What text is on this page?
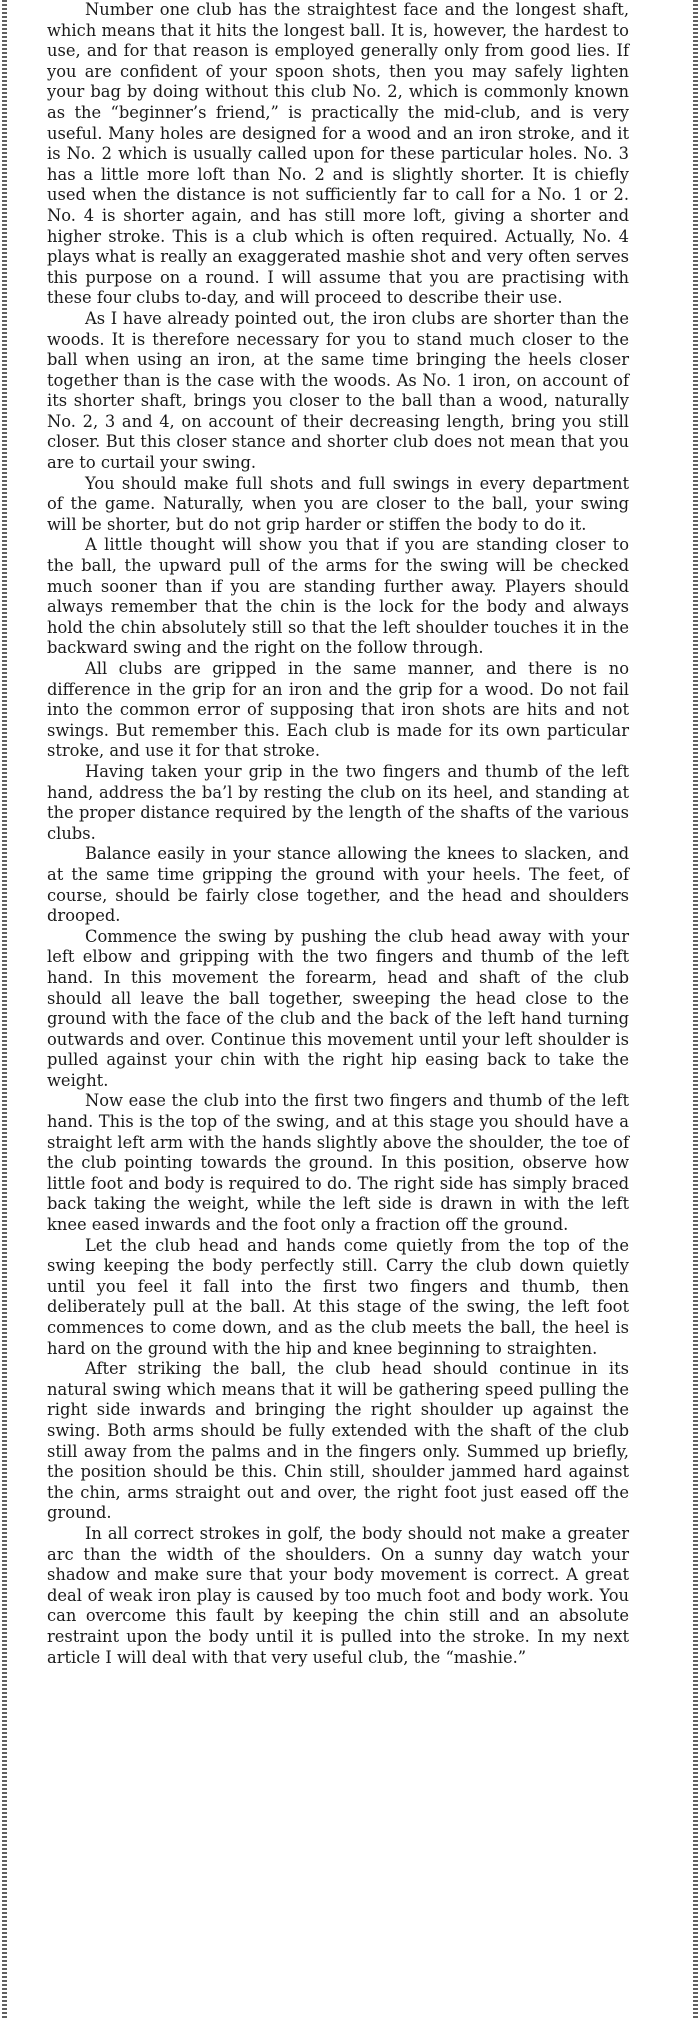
Number one club has the straightest face and the longest shaft, which means that it hits the longest ball. It is, however, the hardest to use, and for that reason is employed generally only from good lies. If you are confident of your spoon shots, then you may safely lighten your bag by doing without this club No. 2, which is commonly known as the “beginner’s friend,” is practically the mid-club, and is very useful. Many holes are designed for a wood and an iron stroke, and it is No. 2 which is usually called upon for these particular holes. No. 3 has a little more loft than No. 2 and is slightly shorter. It is chiefly used when the distance is not sufficiently far to call for a No. 1 or 2. No. 4 is shorter again, and has still more loft, giving a shorter and higher stroke. This is a club which is often required. Actually, No. 4 plays what is really an exaggerated mashie shot and very often serves this purpose on a round. I will assume that you are practising with these four clubs to-day, and will proceed to describe their use.

As I have already pointed out, the iron clubs are shorter than the woods. It is therefore necessary for you to stand much closer to the ball when using an iron, at the same time bringing the heels closer together than is the case with the woods. As No. 1 iron, on account of its shorter shaft, brings you closer to the ball than a wood, naturally No. 2, 3 and 4, on account of their decreasing length, bring you still closer. But this closer stance and shorter club does not mean that you are to curtail your swing.

You should make full shots and full swings in every department of the game. Naturally, when you are closer to the ball, your swing will be shorter, but do not grip harder or stiffen the body to do it.

A little thought will show you that if you are standing closer to the ball, the upward pull of the arms for the swing will be checked much sooner than if you are standing further away. Players should always remember that the chin is the lock for the body and always hold the chin absolutely still so that the left shoulder touches it in the backward swing and the right on the follow through.

All clubs are gripped in the same manner, and there is no difference in the grip for an iron and the grip for a wood. Do not fail into the common error of supposing that iron shots are hits and not swings. But remember this. Each club is made for its own particular stroke, and use it for that stroke.

Having taken your grip in the two fingers and thumb of the left hand, address the ba’l by resting the club on its heel, and standing at the proper distance required by the length of the shafts of the various clubs.

Balance easily in your stance allowing the knees to slacken, and at the same time gripping the ground with your heels. The feet, of course, should be fairly close together, and the head and shoulders drooped.

Commence the swing by pushing the club head away with your left elbow and gripping with the two fingers and thumb of the left hand. In this movement the forearm, head and shaft of the club should all leave the ball together, sweeping the head close to the ground with the face of the club and the back of the left hand turning outwards and over. Continue this movement until your left shoulder is pulled against your chin with the right hip easing back to take the weight.

Now ease the club into the first two fingers and thumb of the left hand. This is the top of the swing, and at this stage you should have a straight left arm with the hands slightly above the shoulder, the toe of the club pointing towards the ground. In this position, observe how little foot and body is required to do. The right side has simply braced back taking the weight, while the left side is drawn in with the left knee eased inwards and the foot only a fraction off the ground.

Let the club head and hands come quietly from the top of the swing keeping the body perfectly still. Carry the club down quietly until you feel it fall into the first two fingers and thumb, then deliberately pull at the ball. At this stage of the swing, the left foot commences to come down, and as the club meets the ball, the heel is hard on the ground with the hip and knee beginning to straighten.

After striking the ball, the club head should continue in its natural swing which means that it will be gathering speed pulling the right side inwards and bringing the right shoulder up against the swing. Both arms should be fully extended with the shaft of the club still away from the palms and in the fingers only. Summed up briefly, the position should be this. Chin still, shoulder jammed hard against the chin, arms straight out and over, the right foot just eased off the ground.

In all correct strokes in golf, the body should not make a greater arc than the width of the shoulders. On a sunny day watch your shadow and make sure that your body movement is correct. A great deal of weak iron play is caused by too much foot and body work. You can overcome this fault by keeping the chin still and an absolute restraint upon the body until it is pulled into the stroke. In my next article I will deal with that very useful club, the “mashie.”
